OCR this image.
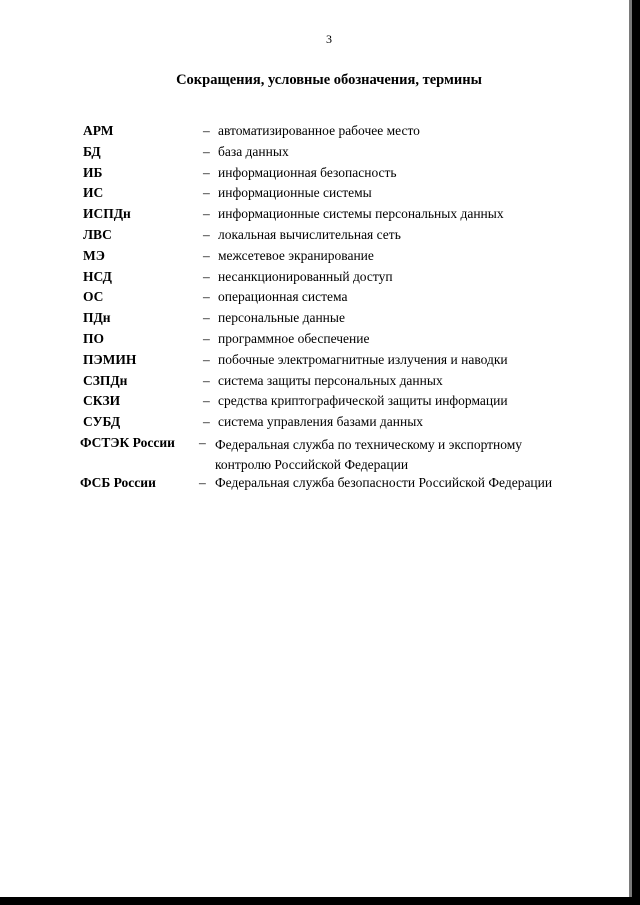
3
Сокращения, условные обозначения, термины
АРМ	– автоматизированное рабочее место
БД	– база данных
ИБ	– информационная безопасность
ИС	– информационные системы
ИСПДн	– информационные системы персональных данных
ЛВС	– локальная вычислительная сеть
МЭ	– межсетевое экранирование
НСД	– несанкционированный доступ
ОС	– операционная система
ПДн	– персональные данные
ПО	– программное обеспечение
ПЭМИН	– побочные электромагнитные излучения и наводки
СЗПДн	– система защиты персональных данных
СКЗИ	– средства криптографической защиты информации
СУБД	– система управления базами данных
ФСТЭК России – Федеральная служба по техническому и экспортному контролю Российской Федерации
ФСБ России	– Федеральная служба безопасности Российской Федерации
